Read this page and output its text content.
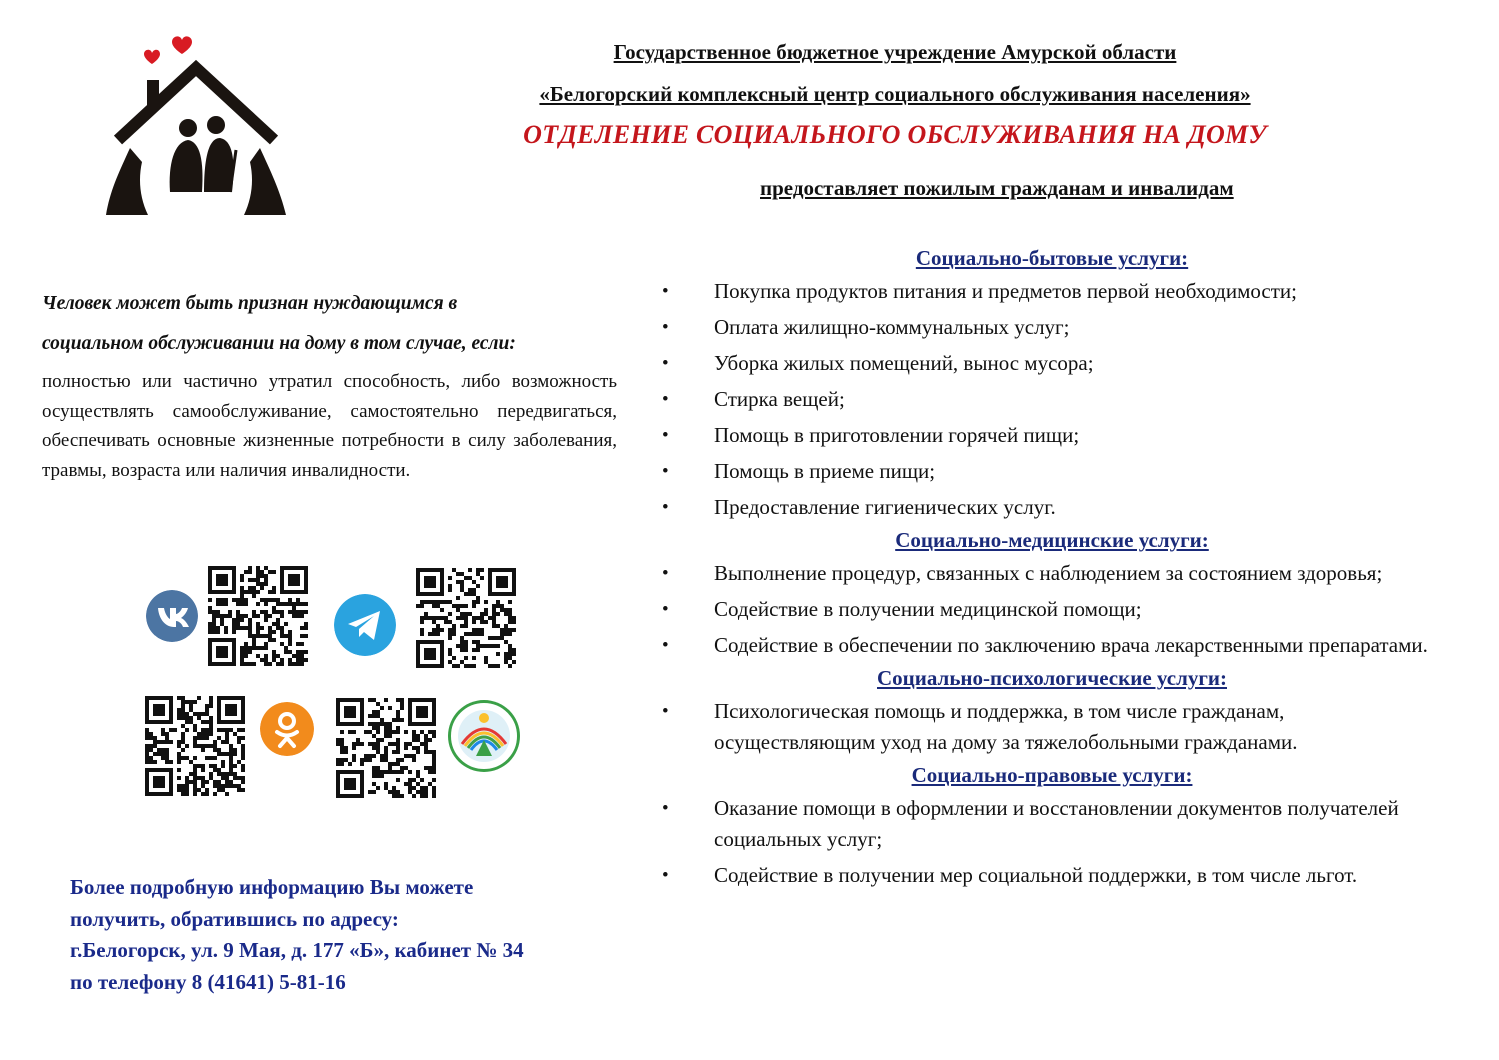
Государственное бюджетное учреждение Амурской области
«Белогорский комплексный центр социального обслуживания населения»
ОТДЕЛЕНИЕ СОЦИАЛЬНОГО ОБСЛУЖИВАНИЯ НА ДОМУ
предоставляет пожилым гражданам и инвалидам
Человек может быть признан нуждающимся в
социальном обслуживании на дому в том случае, если:
полностью или частично утратил способность, либо возможность осуществлять самообслуживание, самостоятельно передвигаться, обеспечивать основные жизненные потребности в силу заболевания, травмы, возраста или наличия инвалидности.
Социально-бытовые услуги:
• Покупка продуктов питания и предметов первой необходимости;
• Оплата жилищно-коммунальных услуг;
• Уборка жилых помещений, вынос мусора;
• Стирка вещей;
• Помощь в приготовлении горячей пищи;
• Помощь в приеме пищи;
• Предоставление гигиенических услуг.
Социально-медицинские услуги:
• Выполнение процедур, связанных с наблюдением за состоянием здоровья;
• Содействие в получении медицинской помощи;
• Содействие в обеспечении по заключению врача лекарственными препаратами.
Социально-психологические услуги:
• Психологическая помощь и поддержка, в том числе гражданам, осуществляющим уход на дому за тяжелобольными гражданами.
Социально-правовые услуги:
• Оказание помощи в оформлении и восстановлении документов получателей социальных услуг;
• Содействие в получении мер социальной поддержки, в том числе льгот.
Более подробную информацию Вы можете
получить, обратившись по адресу:
г.Белогорск, ул. 9 Мая, д. 177 «Б», кабинет № 34
по телефону 8 (41641) 5-81-16
